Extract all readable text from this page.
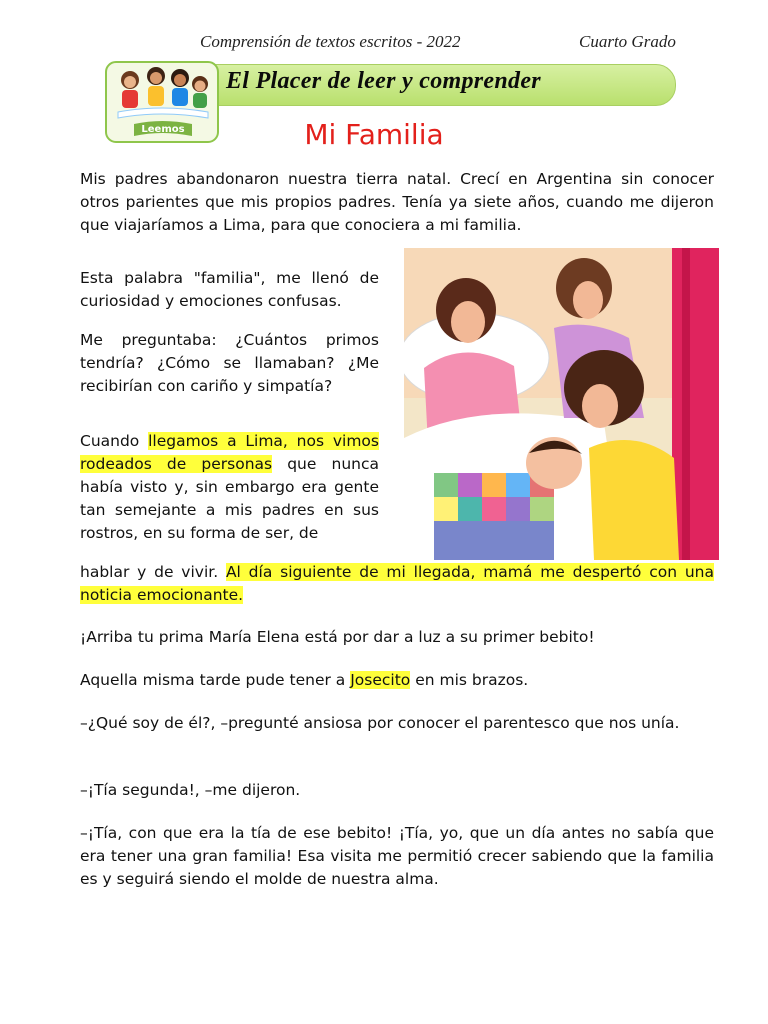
Comprensión de textos escritos - 2022	Cuarto Grado
El Placer de leer y comprender
Leemos	Mi Familia

Mis padres abandonaron nuestra tierra natal. Crecí en Argentina sin conocer otros parientes que mis propios padres. Tenía ya siete años, cuando me dijeron que viajaríamos a Lima, para que conociera a mi familia.

Esta palabra "familia", me llenó de curiosidad y emociones confusas.

Me preguntaba: ¿Cuántos primos tendría? ¿Cómo se llamaban? ¿Me recibirían con cariño y simpatía?

Cuando llegamos a Lima, nos vimos rodeados de personas que nunca había visto y, sin embargo era gente tan semejante a mis padres en sus rostros, en su forma de ser, de

hablar y de vivir. Al día siguiente de mi llegada, mamá me despertó con una noticia emocionante.

¡Arriba tu prima María Elena está por dar a luz a su primer bebito!

Aquella misma tarde pude tener a Josecito en mis brazos.

–¿Qué soy de él?, –pregunté ansiosa por conocer el parentesco que nos unía.

–¡Tía segunda!, –me dijeron.

–¡Tía, con que era la tía de ese bebito! ¡Tía, yo, que un día antes no sabía que era tener una gran familia! Esa visita me permitió crecer sabiendo que la familia es y seguirá siendo el molde de nuestra alma.
